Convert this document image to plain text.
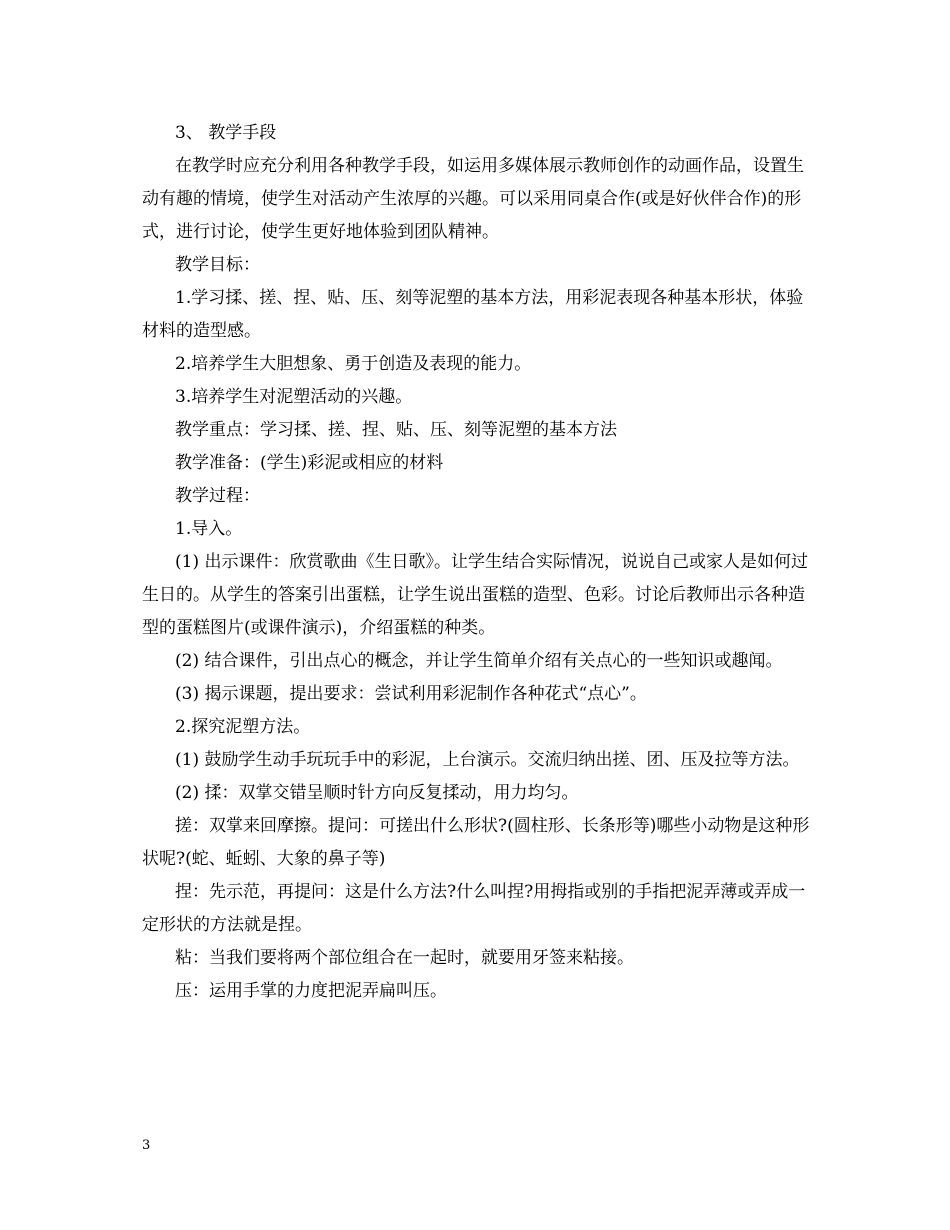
3、 教学手段

在教学时应充分利用各种教学手段，如运用多媒体展示教师创作的动画作品，设置生动有趣的情境，使学生对活动产生浓厚的兴趣。可以采用同桌合作(或是好伙伴合作)的形式，进行讨论，使学生更好地体验到团队精神。

教学目标：

1.学习揉、搓、捏、贴、压、刻等泥塑的基本方法，用彩泥表现各种基本形状，体验材料的造型感。

2.培养学生大胆想象、勇于创造及表现的能力。

3.培养学生对泥塑活动的兴趣。

教学重点：学习揉、搓、捏、贴、压、刻等泥塑的基本方法

教学准备：(学生)彩泥或相应的材料

教学过程：

1.导入。

(1) 出示课件：欣赏歌曲《生日歌》。让学生结合实际情况，说说自己或家人是如何过生日的。从学生的答案引出蛋糕，让学生说出蛋糕的造型、色彩。讨论后教师出示各种造型的蛋糕图片(或课件演示)，介绍蛋糕的种类。

(2) 结合课件，引出点心的概念，并让学生简单介绍有关点心的一些知识或趣闻。

(3) 揭示课题，提出要求：尝试利用彩泥制作各种花式“点心”。

2.探究泥塑方法。

(1) 鼓励学生动手玩玩手中的彩泥，上台演示。交流归纳出搓、团、压及拉等方法。

(2) 揉：双掌交错呈顺时针方向反复揉动，用力均匀。

搓：双掌来回摩擦。提问：可搓出什么形状?(圆柱形、长条形等)哪些小动物是这种形状呢?(蛇、蚯蚓、大象的鼻子等)

捏：先示范，再提问：这是什么方法?什么叫捏?用拇指或别的手指把泥弄薄或弄成一定形状的方法就是捏。

粘：当我们要将两个部位组合在一起时，就要用牙签来粘接。

压：运用手掌的力度把泥弄扁叫压。

3
